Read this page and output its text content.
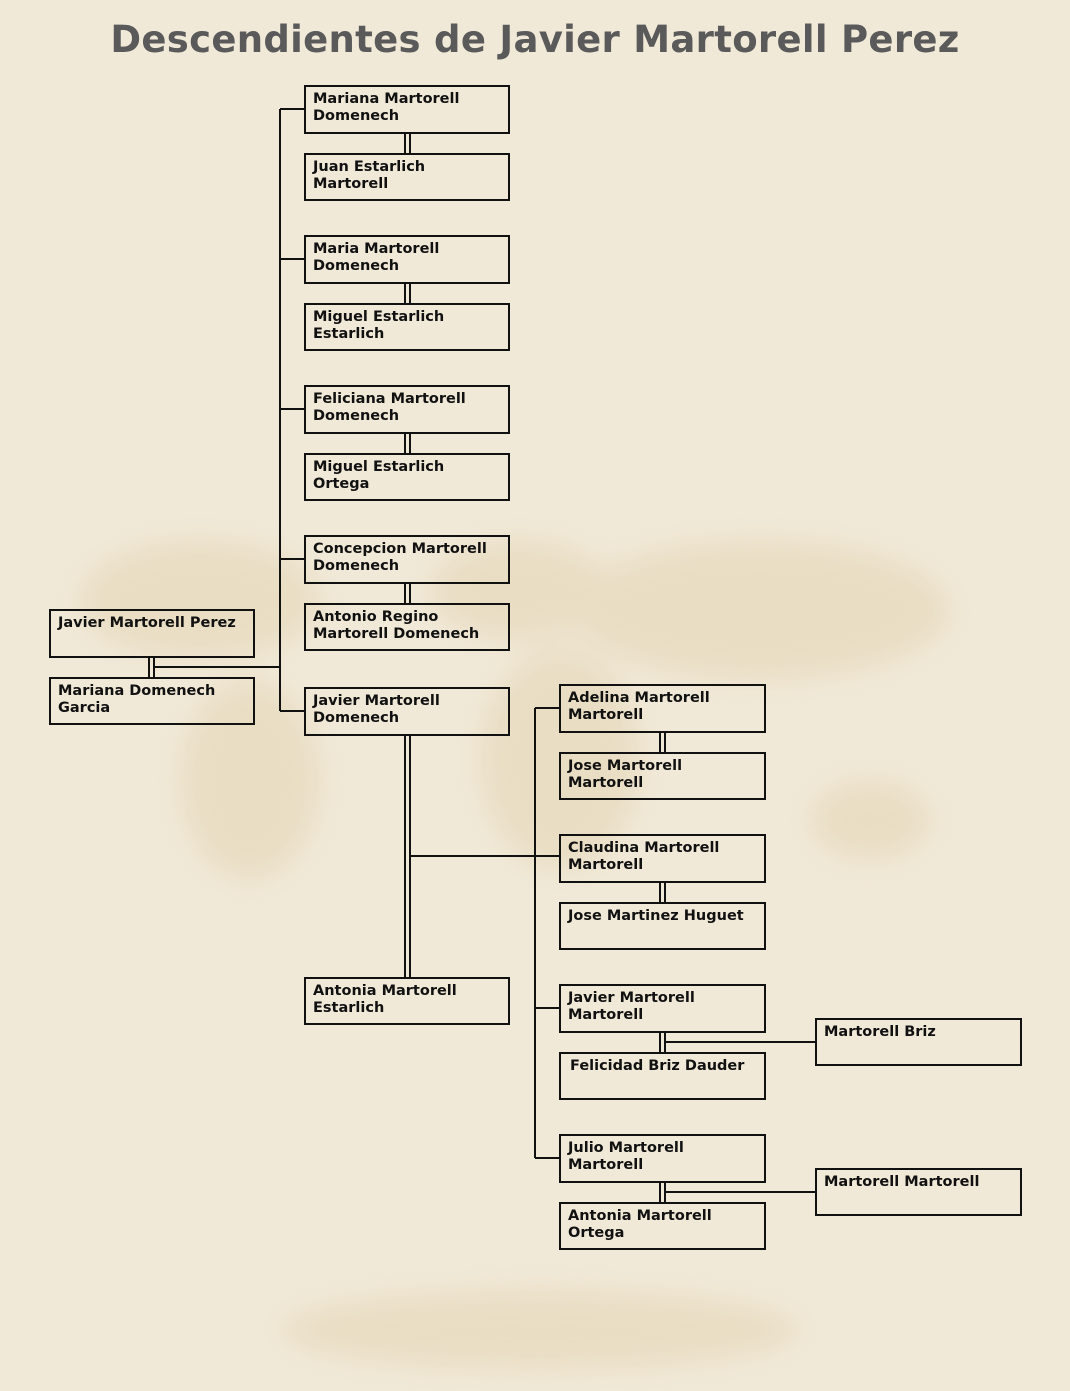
Descendientes de Javier Martorell Perez
Javier Martorell Perez
Mariana Domenech
Garcia
Mariana Martorell
Domenech
Juan Estarlich
Martorell
Maria Martorell
Domenech
Miguel Estarlich
Estarlich
Feliciana Martorell
Domenech
Miguel Estarlich
Ortega
Concepcion Martorell
Domenech
Antonio Regino
Martorell Domenech
Javier Martorell
Domenech
Antonia Martorell
Estarlich
Adelina Martorell
Martorell
Jose Martorell
Martorell
Claudina Martorell
Martorell
Jose Martinez Huguet
Javier Martorell
Martorell
Felicidad Briz Dauder
Julio Martorell
Martorell
Antonia Martorell
Ortega
Martorell Briz
Martorell Martorell
